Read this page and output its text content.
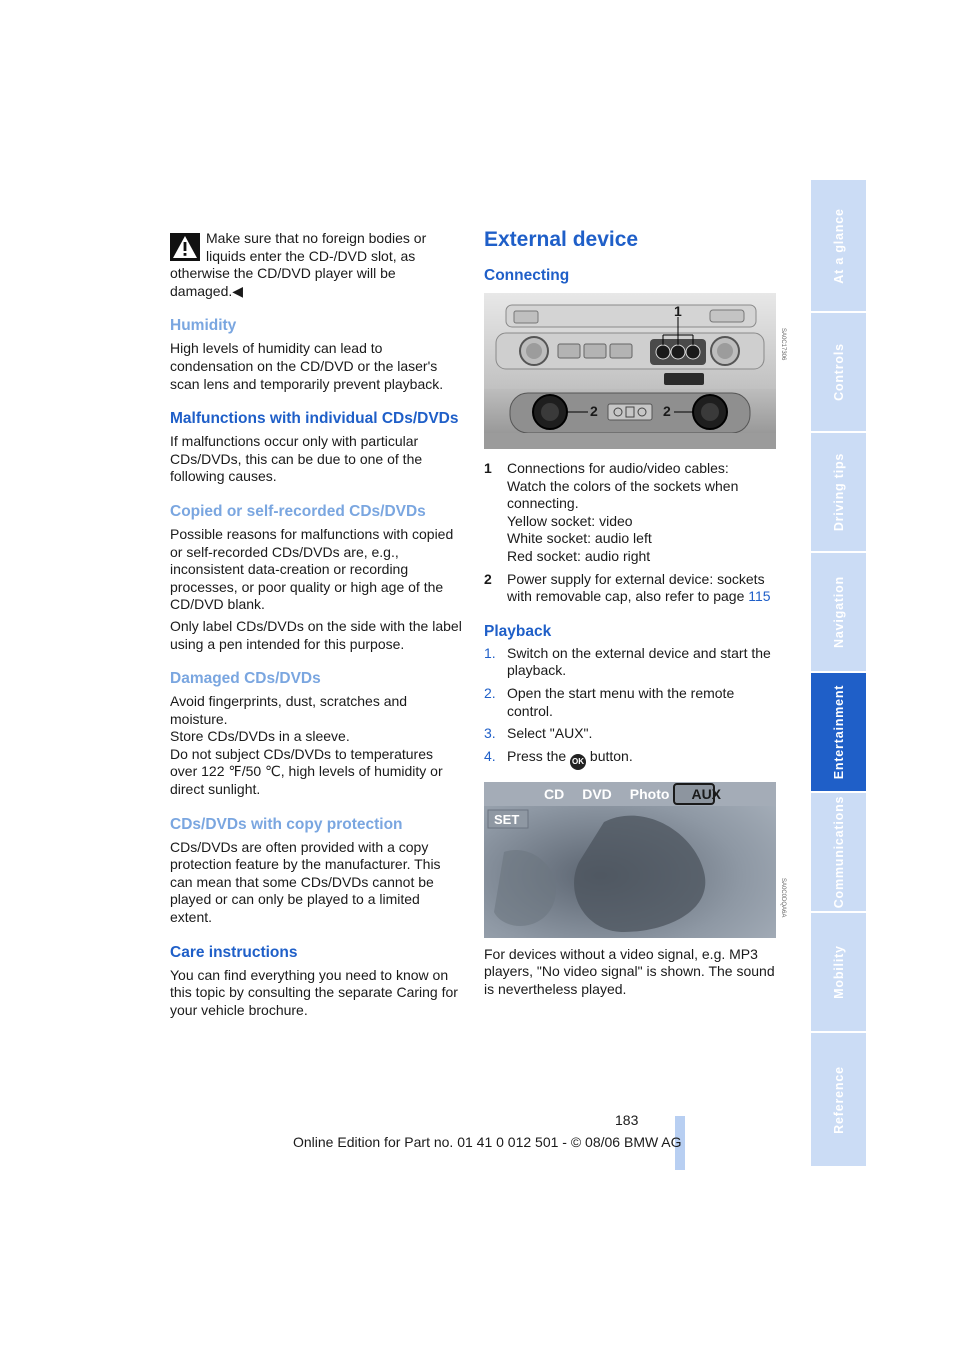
Make sure that no foreign bodies or liquids enter the CD-/DVD slot, as otherwise the CD/DVD player will be damaged.◀

Humidity

High levels of humidity can lead to condensation on the CD/DVD or the laser's scan lens and temporarily prevent playback.

Malfunctions with individual CDs/DVDs

If malfunctions occur only with particular CDs/DVDs, this can be due to one of the following causes.

Copied or self-recorded CDs/DVDs

Possible reasons for malfunctions with copied or self-recorded CDs/DVDs are, e.g., inconsistent data-creation or recording processes, or poor quality or high age of the CD/DVD blank.

Only label CDs/DVDs on the side with the label using a pen intended for this purpose.

Damaged CDs/DVDs

Avoid fingerprints, dust, scratches and moisture.

Store CDs/DVDs in a sleeve.

Do not subject CDs/DVDs to temperatures over 122 ℉/50 ℃, high levels of humidity or direct sunlight.

CDs/DVDs with copy protection

CDs/DVDs are often provided with a copy protection feature by the manufacturer. This can mean that some CDs/DVDs cannot be played or can only be played to a limited extent.

Care instructions

You can find everything you need to know on this topic by consulting the separate Caring for your vehicle brochure.

External device
Connecting
1
2	2
SA0C17306
1 Connections for audio/video cables:
Watch the colors of the sockets when connecting.
Yellow socket: video
White socket: audio left
Red socket: audio right
2 Power supply for external device: sockets with removable cap, also refer to page 115
Playback
1. Switch on the external device and start the playback.
2. Open the start menu with the remote control.
3. Select "AUX".
4. Press the OK button.
CD DVD Photo AUX
SET
SA0C0DQA6A

For devices without a video signal, e.g. MP3 players, "No video signal" is shown. The sound is nevertheless played.

At a glance
Controls
Driving tips
Navigation
Entertainment
Communications
Mobility
Reference
183
Online Edition for Part no. 01 41 0 012 501 - © 08/06 BMW AG
